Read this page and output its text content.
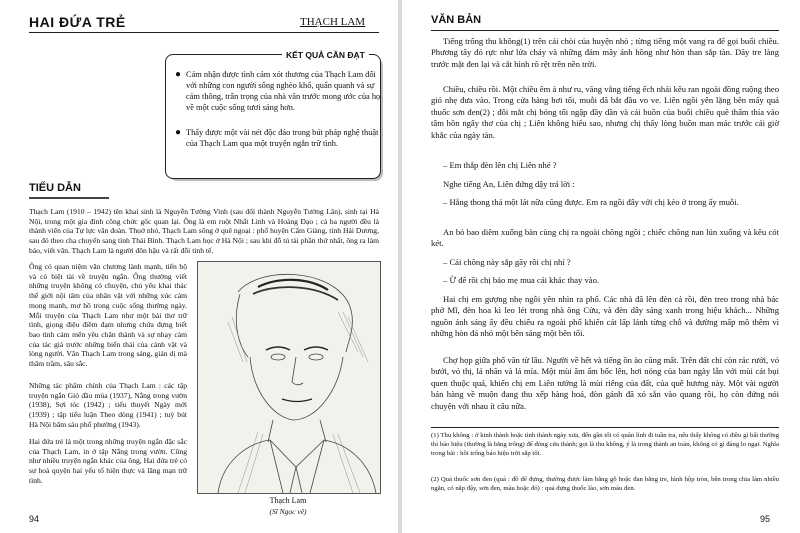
HAI ĐỨA TRẺ	THẠCH LAM
KẾT QUẢ CẦN ĐẠT
● Cảm nhận được tình cảm xót thương của Thạch Lam đối với những con người sống nghèo khổ, quẩn quanh và sự cảm thông, trân trọng của nhà văn trước mong ước của họ về một cuộc sống tươi sáng hơn.
● Thấy được một vài nét độc đáo trong bút pháp nghệ thuật của Thạch Lam qua một truyện ngắn trữ tình.
TIỂU DẪN

Thạch Lam (1910 – 1942) tên khai sinh là Nguyễn Tường Vinh (sau đổi thành Nguyễn Tường Lân), sinh tại Hà Nội, trong một gia đình công chức gốc quan lại. Ông là em ruột Nhất Linh và Hoàng Đạo ; cả ba người đều là thành viên của Tự lực văn đoàn. Thuở nhỏ, Thạch Lam sống ở quê ngoại : phố huyện Cẩm Giàng, tỉnh Hải Dương, sau đó theo cha chuyển sang tỉnh Thái Bình. Thạch Lam học ở Hà Nội ; sau khi đỗ tú tài phần thứ nhất, ông ra làm báo, viết văn. Thạch Lam là người đôn hậu và rất đỗi tinh tế.

Ông có quan niệm văn chương lành mạnh, tiến bộ và có biệt tài về truyện ngắn. Ông thường viết những truyện không có chuyện, chủ yếu khai thác thế giới nội tâm của nhân vật với những xúc cảm mong manh, mơ hồ trong cuộc sống thường ngày. Mỗi truyện của Thạch Lam như một bài thơ trữ tình, giọng điệu điềm đạm nhưng chứa đựng biết bao tình cảm mến yêu chân thành và sự nhạy cảm của tác giả trước những biến thái của cảnh vật và lòng người. Văn Thạch Lam trong sáng, giản dị mà thâm trầm, sâu sắc.

Những tác phẩm chính của Thạch Lam : các tập truyện ngắn Gió đầu mùa (1937), Nắng trong vườn (1938), Sợi tóc (1942) ; tiểu thuyết Ngày mới (1939) ; tập tiểu luận Theo dòng (1941) ; tuỳ bút Hà Nội băm sáu phố phường (1943).

Hai đứa trẻ là một trong những truyện ngắn đặc sắc của Thạch Lam, in ở tập Nắng trong vườn. Cũng như nhiều truyện ngắn khác của ông, Hai đứa trẻ có sự hoà quyện hai yếu tố hiện thực và lãng mạn trữ tình.

Thạch Lam
(Sĩ Ngọc vẽ)
94
VĂN BẢN

Tiếng trống thu không(1) trên cái chòi của huyện nhỏ ; từng tiếng một vang ra để gọi buổi chiều. Phương tây đỏ rực như lửa cháy và những đám mây ánh hồng như hòn than sắp tàn. Dãy tre làng trước mặt đen lại và cắt hình rõ rệt trên nền trời.

Chiều, chiều rồi. Một chiều êm ả như ru, văng vẳng tiếng ếch nhái kêu ran ngoài đồng ruộng theo gió nhẹ đưa vào. Trong cửa hàng hơi tối, muỗi đã bắt đầu vo ve. Liên ngồi yên lặng bên mấy quả thuốc sơn đen(2) ; đôi mắt chị bóng tối ngập đầy dần và cái buồn của buổi chiều quê thấm thía vào tâm hồn ngây thơ của chị ; Liên không hiểu sao, nhưng chị thấy lòng buồn man mác trước cái giờ khắc của ngày tàn.

– Em thắp đèn lên chị Liên nhé ?

Nghe tiếng An, Liên đứng dậy trả lời :

– Hẵng thong thả một lát nữa cũng được. Em ra ngồi đây với chị kẻo ở trong ấy muỗi.

An bỏ bao diêm xuống bàn cùng chị ra ngoài chõng ngồi ; chiếc chõng nan lún xuống và kêu cót két.

– Cái chõng này sắp gãy rồi chị nhỉ ?

– Ừ để rồi chị bảo mẹ mua cái khác thay vào.

Hai chị em gượng nhẹ ngồi yên nhìn ra phố. Các nhà đã lên đèn cả rồi, đèn treo trong nhà bác phở Mĩ, đèn hoa kì leo lét trong nhà ông Cửu, và đèn dây sáng xanh trong hiệu khách... Những nguồn ánh sáng ấy đều chiếu ra ngoài phố khiến cát lấp lánh từng chỗ và đường mấp mô thêm vì những hòn đá nhỏ một bên sáng một bên tối.

Chợ họp giữa phố vãn từ lâu. Người về hết và tiếng ồn ào cũng mất. Trên đất chỉ còn rác rưởi, vỏ bưởi, vỏ thị, lá nhãn và lá mía. Một mùi âm ẩm bốc lên, hơi nóng của ban ngày lẫn với mùi cát bụi quen thuộc quá, khiến chị em Liên tưởng là mùi riêng của đất, của quê hương này. Một vài người bán hàng về muộn đang thu xếp hàng hoá, đòn gánh đã xỏ sẵn vào quang rồi, họ còn đứng nói chuyện với nhau ít câu nữa.

(1) Thu không : ở kinh thành hoặc tỉnh thành ngày xưa, đến gần tối có quân lính đi tuần tra, nếu thấy không có điều gì bất thường thì báo hiệu (thường là bằng trống) để đóng cửa thành; gọi là thu không, ý là trong thành an toàn, không có gì đáng lo ngại. Nghĩa trong bài : hồi trống báo hiệu trời sắp tối.

(2) Quả thuốc sơn đen (quả : đồ để đựng, thường được làm bằng gỗ hoặc đan bằng tre, hình hộp tròn, bên trong chia làm nhiều ngăn, có nắp đậy, sơn đen, màu hoặc đỏ) : quả đựng thuốc lào, sơn màu đen.

95
